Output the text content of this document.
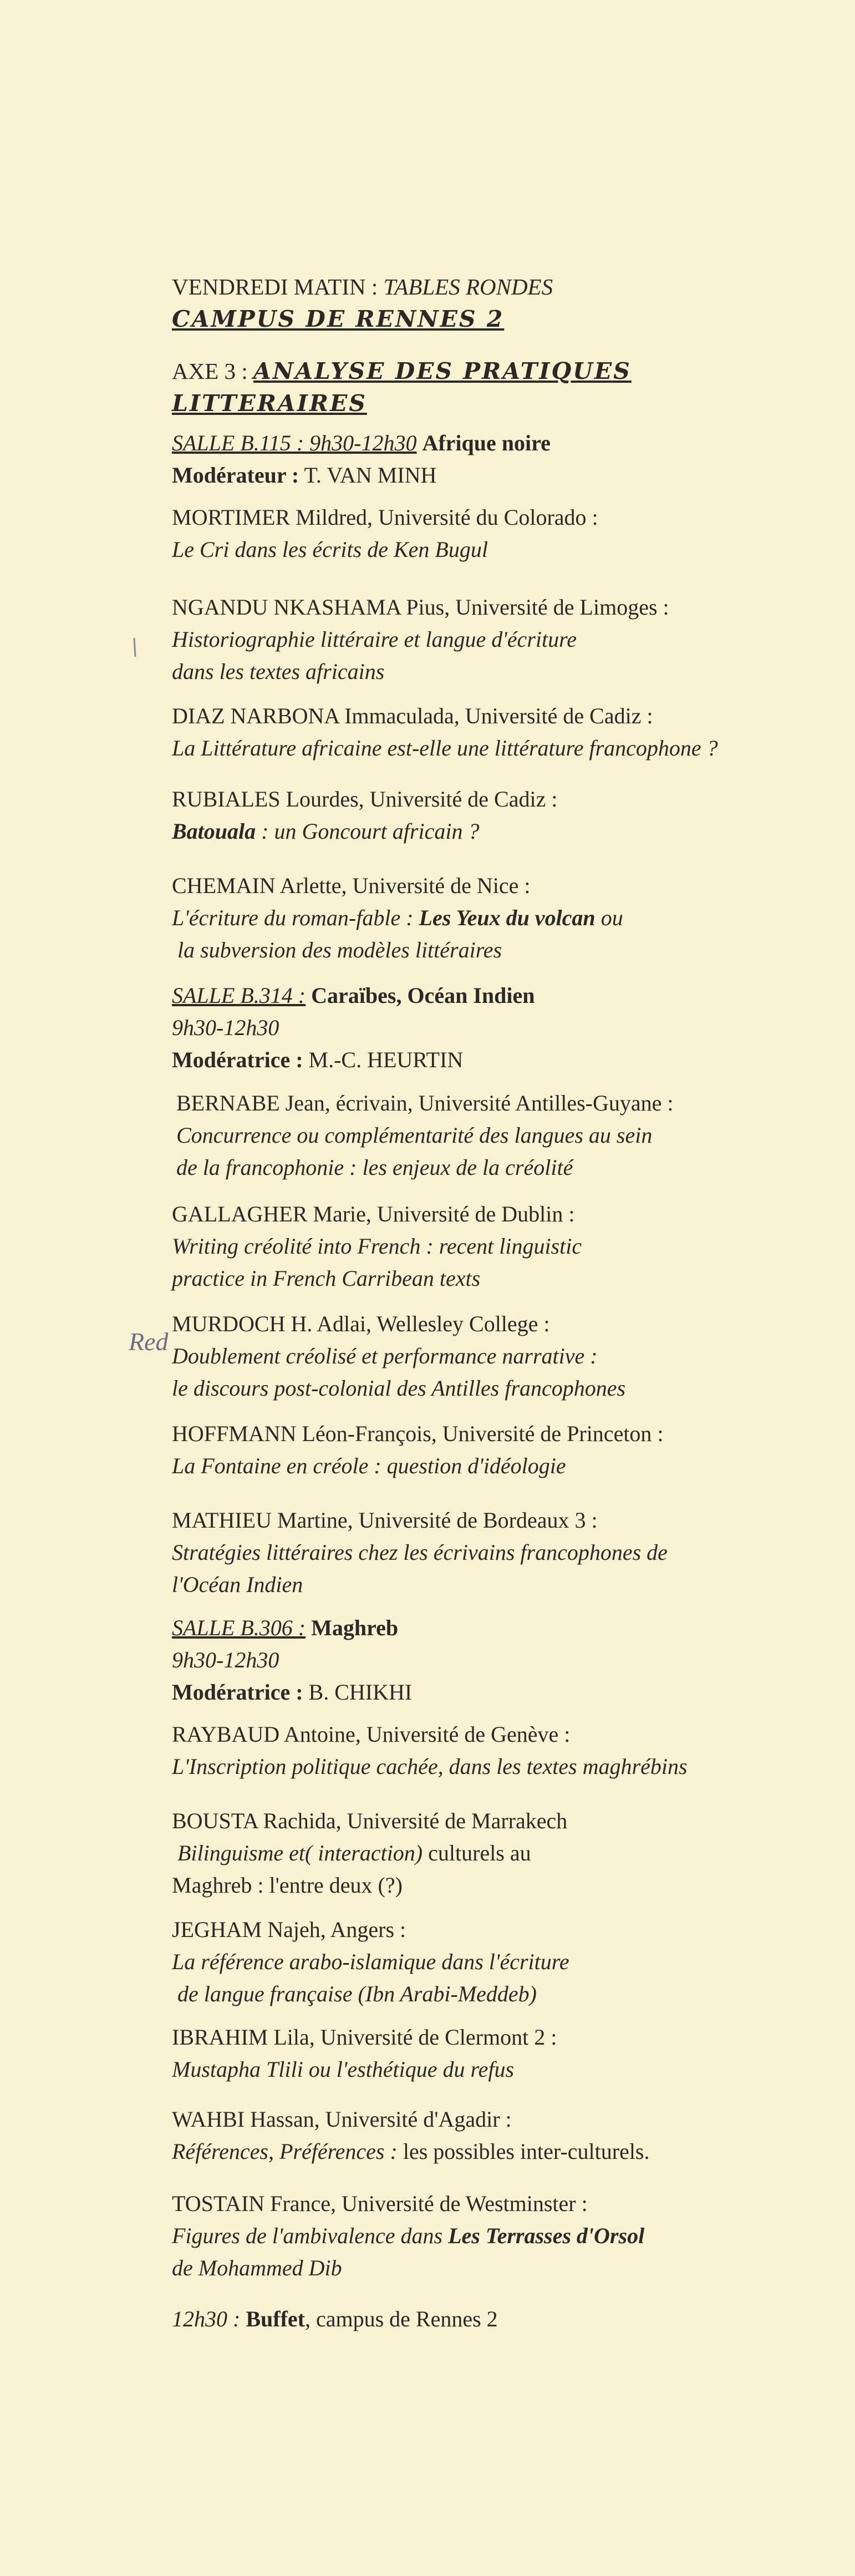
VENDREDI MATIN : TABLES RONDES
CAMPUS DE RENNES 2
AXE 3 : ANALYSE DES PRATIQUES LITTERAIRES
SALLE B.115 : 9h30-12h30 Afrique noire
Modérateur : T. VAN MINH
MORTIMER Mildred, Université du Colorado :
Le Cri dans les écrits de Ken Bugul
NGANDU NKASHAMA Pius, Université de Limoges :
Historiographie littéraire et langue d'écriture
dans les textes africains
DIAZ NARBONA Immaculada, Université de Cadiz :
La Littérature africaine est-elle une littérature francophone ?
RUBIALES Lourdes, Université de Cadiz :
Batouala : un Goncourt africain ?
CHEMAIN Arlette, Université de Nice :
L'écriture du roman-fable : Les Yeux du volcan ou
la subversion des modèles littéraires
SALLE B.314 : Caraïbes, Océan Indien
9h30-12h30
Modératrice : M.-C. HEURTIN
BERNABE Jean, écrivain, Université Antilles-Guyane :
Concurrence ou complémentarité des langues au sein
de la francophonie : les enjeux de la créolité
GALLAGHER Marie, Université de Dublin :
Writing créolité into French : recent linguistic
practice in French Carribean texts
MURDOCH H. Adlai, Wellesley College :
Doublement créolisé et performance narrative :
le discours post-colonial des Antilles francophones
HOFFMANN Léon-François, Université de Princeton :
La Fontaine en créole : question d'idéologie
MATHIEU Martine, Université de Bordeaux 3 :
Stratégies littéraires chez les écrivains francophones de
l'Océan Indien
SALLE B.306 : Maghreb
9h30-12h30
Modératrice : B. CHIKHI
RAYBAUD Antoine, Université de Genève :
L'Inscription politique cachée, dans les textes maghrébins
BOUSTA Rachida, Université de Marrakech
Bilinguisme et( interaction) culturels au
Maghreb : l'entre deux (?)
JEGHAM Najeh, Angers :
La référence arabo-islamique dans l'écriture
de langue française (Ibn Arabi-Meddeb)
IBRAHIM Lila, Université de Clermont 2 :
Mustapha Tlili ou l'esthétique du refus
WAHBI Hassan, Université d'Agadir :
Références, Préférences : les possibles inter-culturels.
TOSTAIN France, Université de Westminster :
Figures de l'ambivalence dans Les Terrasses d'Orsol
de Mohammed Dib
12h30 : Buffet, campus de Rennes 2
Red
